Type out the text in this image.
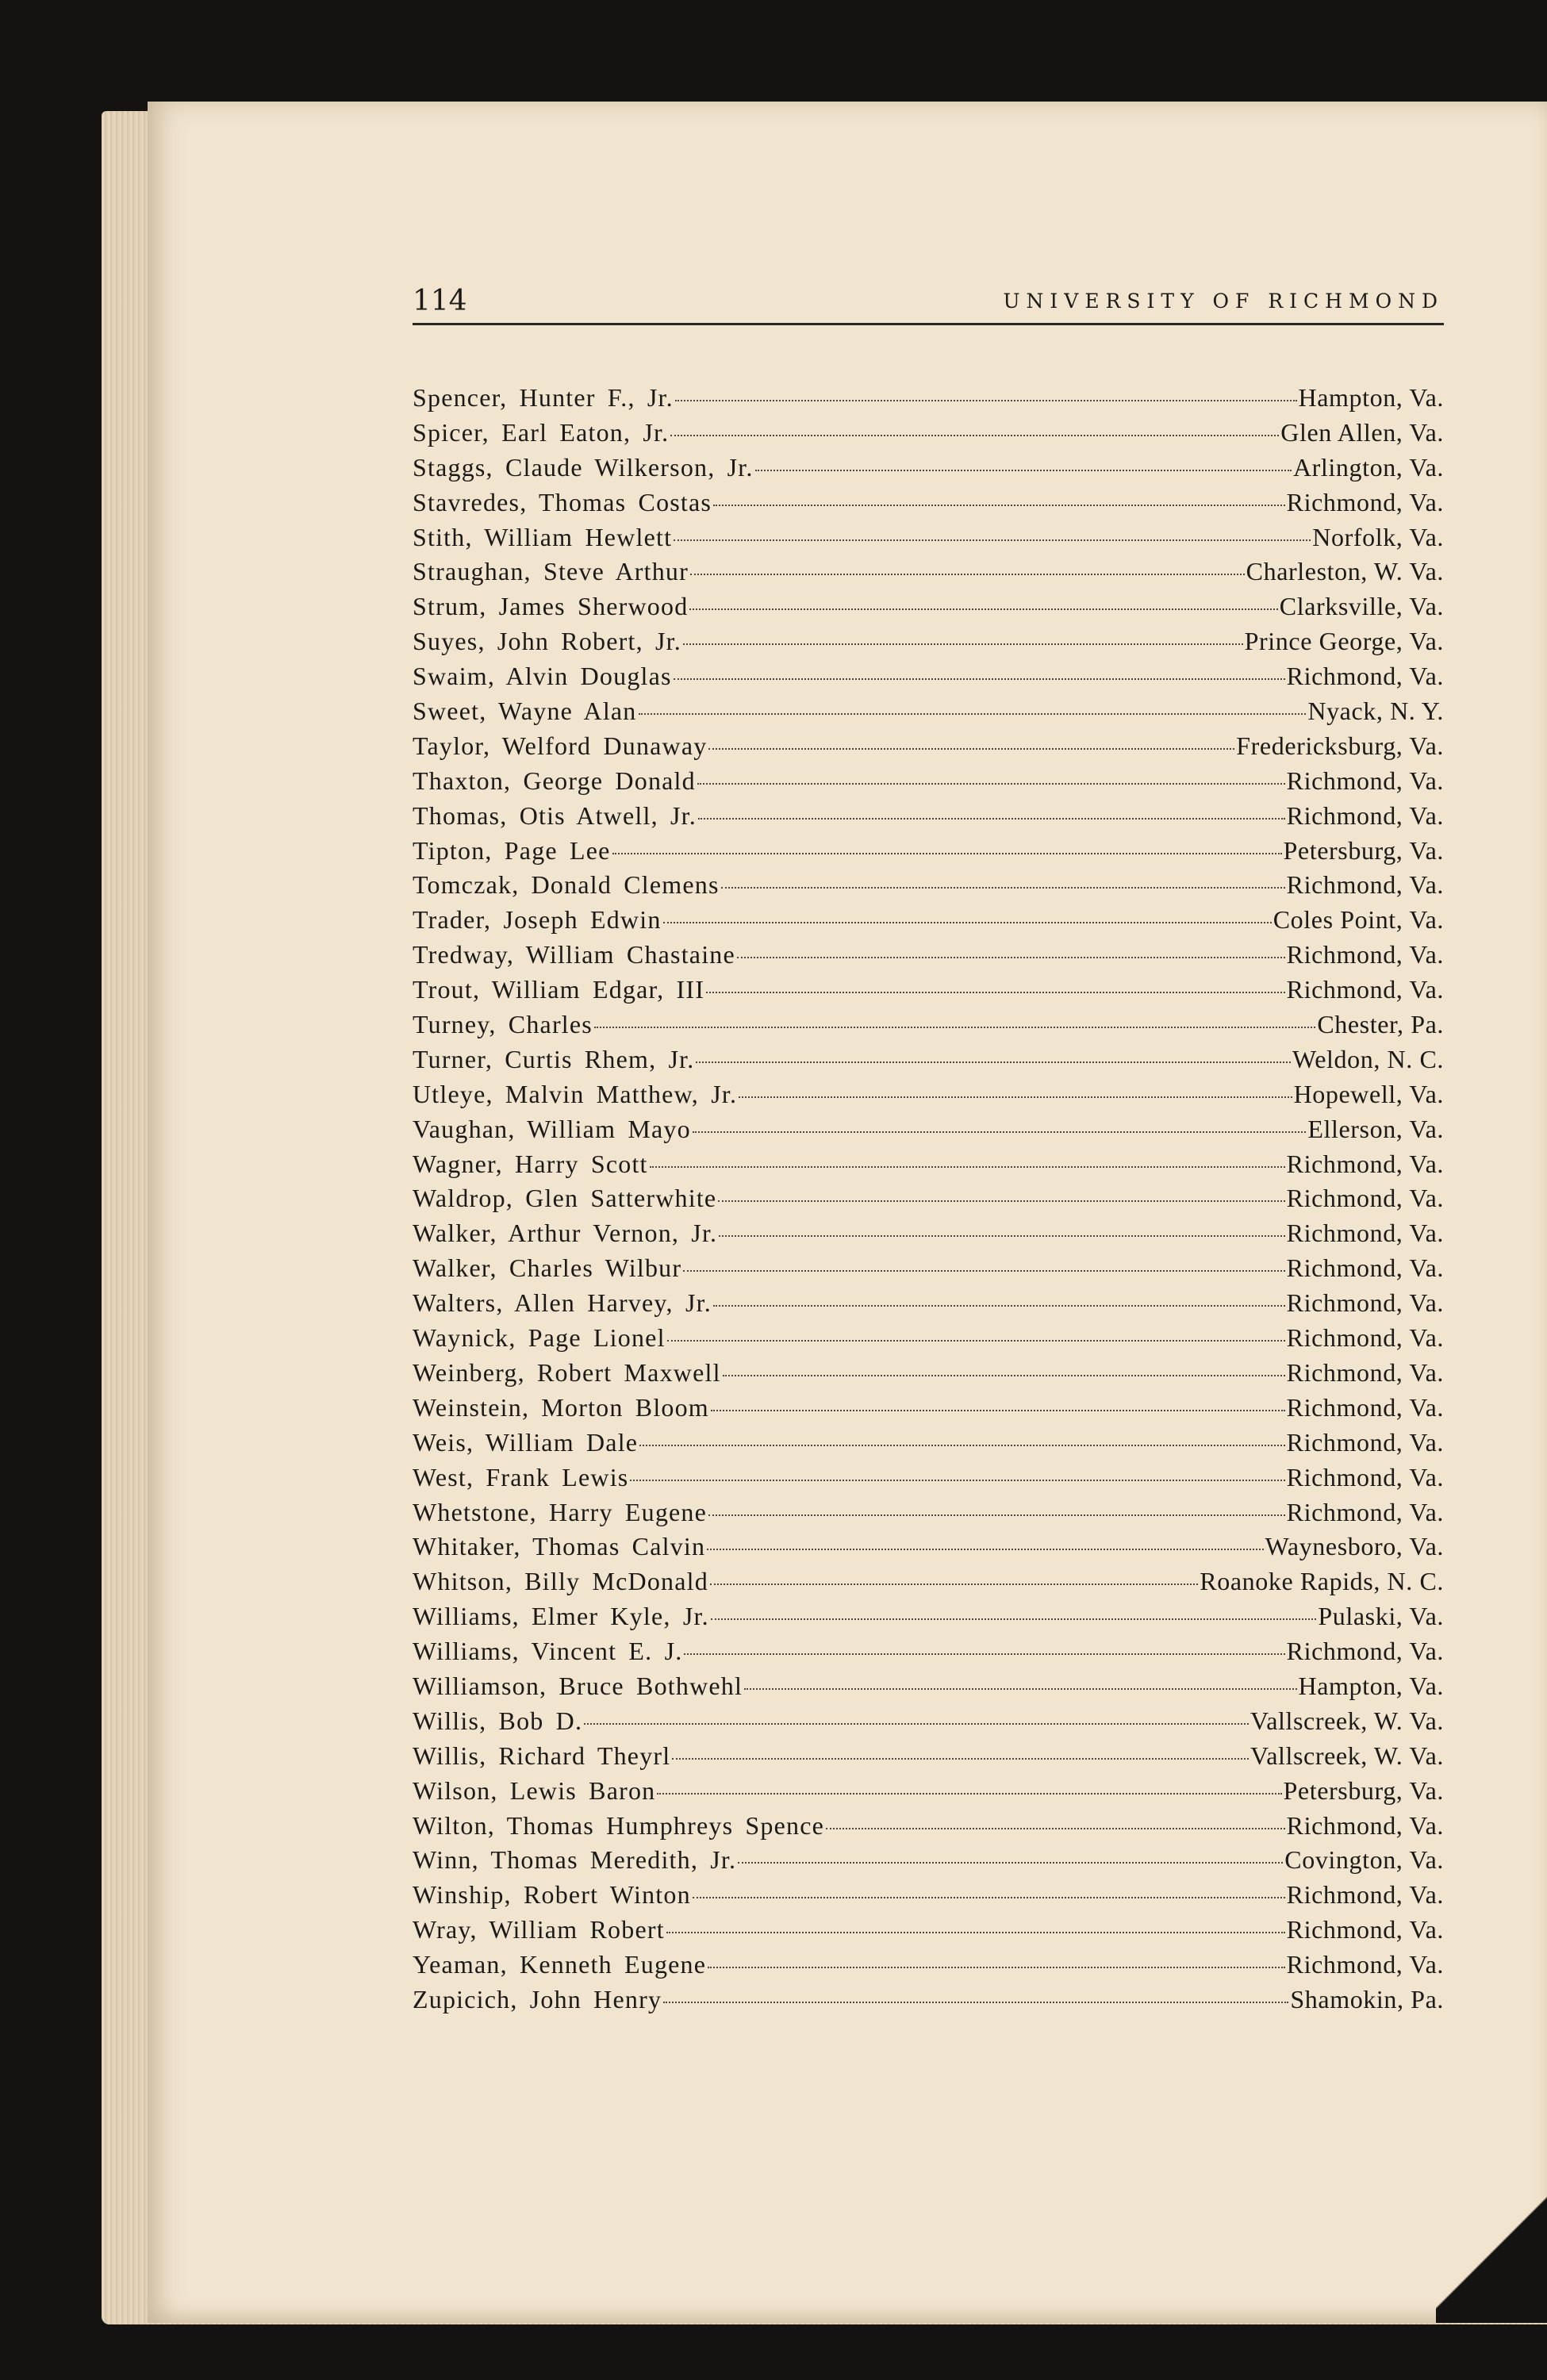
114	UNIVERSITY OF RICHMOND
Spencer, Hunter F., Jr.	Hampton, Va.
Spicer, Earl Eaton, Jr.	Glen Allen, Va.
Staggs, Claude Wilkerson, Jr.	Arlington, Va.
Stavredes, Thomas Costas	Richmond, Va.
Stith, William Hewlett	Norfolk, Va.
Straughan, Steve Arthur	Charleston, W. Va.
Strum, James Sherwood	Clarksville, Va.
Suyes, John Robert, Jr.	Prince George, Va.
Swaim, Alvin Douglas	Richmond, Va.
Sweet, Wayne Alan	Nyack, N. Y.
Taylor, Welford Dunaway	Fredericksburg, Va.
Thaxton, George Donald	Richmond, Va.
Thomas, Otis Atwell, Jr.	Richmond, Va.
Tipton, Page Lee	Petersburg, Va.
Tomczak, Donald Clemens	Richmond, Va.
Trader, Joseph Edwin	Coles Point, Va.
Tredway, William Chastaine	Richmond, Va.
Trout, William Edgar, III	Richmond, Va.
Turney, Charles	Chester, Pa.
Turner, Curtis Rhem, Jr.	Weldon, N. C.
Utleye, Malvin Matthew, Jr.	Hopewell, Va.
Vaughan, William Mayo	Ellerson, Va.
Wagner, Harry Scott	Richmond, Va.
Waldrop, Glen Satterwhite	Richmond, Va.
Walker, Arthur Vernon, Jr.	Richmond, Va.
Walker, Charles Wilbur	Richmond, Va.
Walters, Allen Harvey, Jr.	Richmond, Va.
Waynick, Page Lionel	Richmond, Va.
Weinberg, Robert Maxwell	Richmond, Va.
Weinstein, Morton Bloom	Richmond, Va.
Weis, William Dale	Richmond, Va.
West, Frank Lewis	Richmond, Va.
Whetstone, Harry Eugene	Richmond, Va.
Whitaker, Thomas Calvin	Waynesboro, Va.
Whitson, Billy McDonald	Roanoke Rapids, N. C.
Williams, Elmer Kyle, Jr.	Pulaski, Va.
Williams, Vincent E. J.	Richmond, Va.
Williamson, Bruce Bothwehl	Hampton, Va.
Willis, Bob D.	Vallscreek, W. Va.
Willis, Richard Theyrl	Vallscreek, W. Va.
Wilson, Lewis Baron	Petersburg, Va.
Wilton, Thomas Humphreys Spence	Richmond, Va.
Winn, Thomas Meredith, Jr.	Covington, Va.
Winship, Robert Winton	Richmond, Va.
Wray, William Robert	Richmond, Va.
Yeaman, Kenneth Eugene	Richmond, Va.
Zupicich, John Henry	Shamokin, Pa.
